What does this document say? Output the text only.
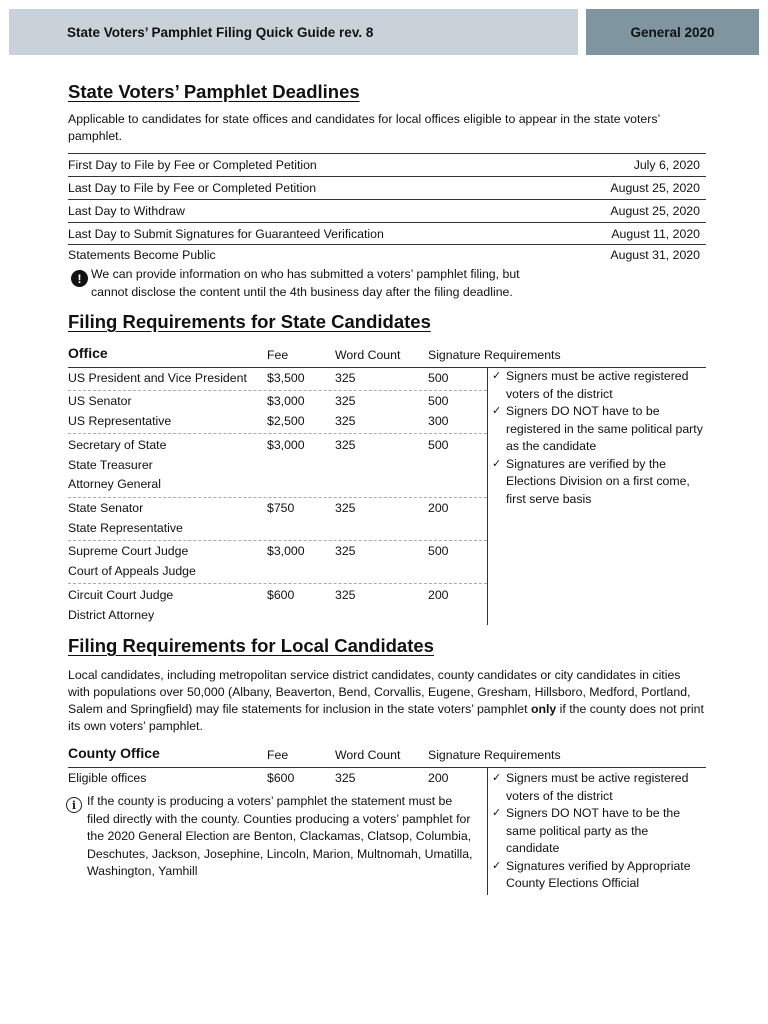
State Voters’ Pamphlet Filing Quick Guide rev. 8	General 2020
State Voters’ Pamphlet Deadlines

Applicable to candidates for state offices and candidates for local offices eligible to appear in the state voters’ pamphlet.

First Day to File by Fee or Completed Petition	July 6, 2020
Last Day to File by Fee or Completed Petition	August 25, 2020
Last Day to Withdraw	August 25, 2020
Last Day to Submit Signatures for Guaranteed Verification	August 11, 2020
Statements Become Public	August 31, 2020
! We can provide information on who has submitted a voters’ pamphlet filing, but

cannot disclose the content until the 4th business day after the filing deadline.

Filing Requirements for State Candidates
Office	Fee	Word Count Signature Requirements
US President and Vice President $3,500 325	500
US Senator	$3,000 325	500
US Representative	$2,500 325	300
Secretary of State	$3,000 325	500
State Treasurer
Attorney General
State Senator	$750	325	200
State Representative
Supreme Court Judge	$3,000 325	500
Court of Appeals Judge
Circuit Court Judge	$600	325	200
District Attorney
✓ Signers must be active registered voters of the district
✓ Signers DO NOT have to be registered in the same political party as the candidate
✓ Signatures are verified by the Elections Division on a first come, first serve basis
Filing Requirements for Local Candidates

Local candidates, including metropolitan service district candidates, county candidates or city candidates in cities with populations over 50,000 (Albany, Beaverton, Bend, Corvallis, Eugene, Gresham, Hillsboro, Medford, Portland, Salem and Springfield) may file statements for inclusion in the state voters’ pamphlet only if the county does not print its own voters’ pamphlet.

County Office	Fee	Word Count Signature Requirements
Eligible offices	$600	325	200
i If the county is producing a voters’ pamphlet the statement must be filed directly with the county. Counties producing a voters’ pamphlet for the 2020 General Election are Benton, Clackamas, Clatsop, Columbia, Deschutes, Jackson, Josephine, Lincoln, Marion, Multnomah, Umatilla, Washington, Yamhill

✓ Signers must be active registered voters of the district
✓ Signers DO NOT have to be the same political party as the candidate
✓ Signatures verified by Appropriate County Elections Official
